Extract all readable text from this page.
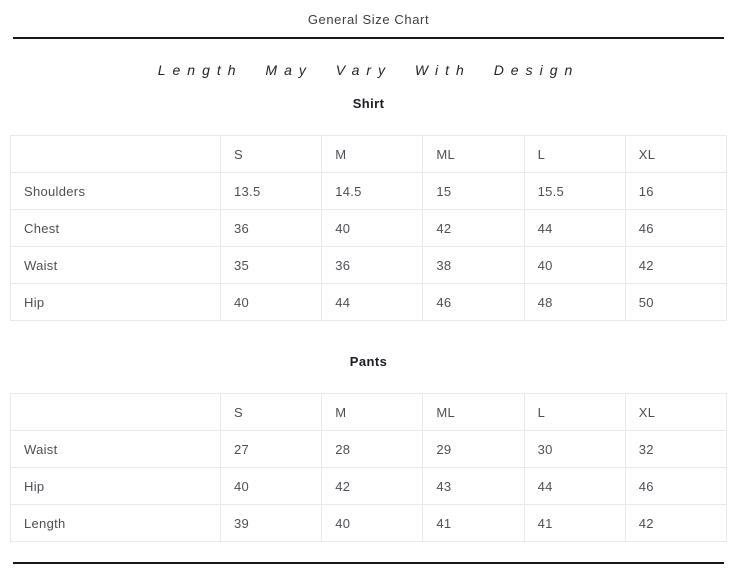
General Size Chart
Length May Vary With Design
Shirt
	S	M	ML	L	XL
Shoulders	13.5	14.5	15	15.5	16
Chest	36	40	42	44	46
Waist	35	36	38	40	42
Hip	40	44	46	48	50
Pants
	S	M	ML	L	XL
Waist	27	28	29	30	32
Hip	40	42	43	44	46
Length	39	40	41	41	42
